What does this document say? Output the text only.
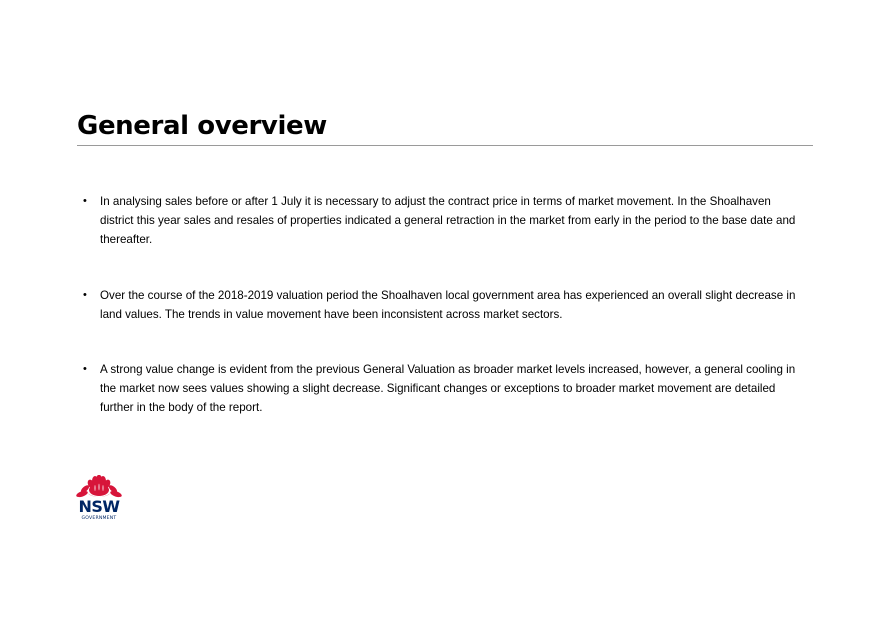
General overview
• In analysing sales before or after 1 July it is necessary to adjust the contract price in terms of market movement. In the Shoalhaven district this year sales and resales of properties indicated a general retraction in the market from early in the period to the base date and thereafter.
• Over the course of the 2018-2019 valuation period the Shoalhaven local government area has experienced an overall slight decrease in land values. The trends in value movement have been inconsistent across market sectors.
• A strong value change is evident from the previous General Valuation as broader market levels increased, however, a general cooling in the market now sees values showing a slight decrease. Significant changes or exceptions to broader market movement are detailed further in the body of the report.
NSW
GOVERNMENT
